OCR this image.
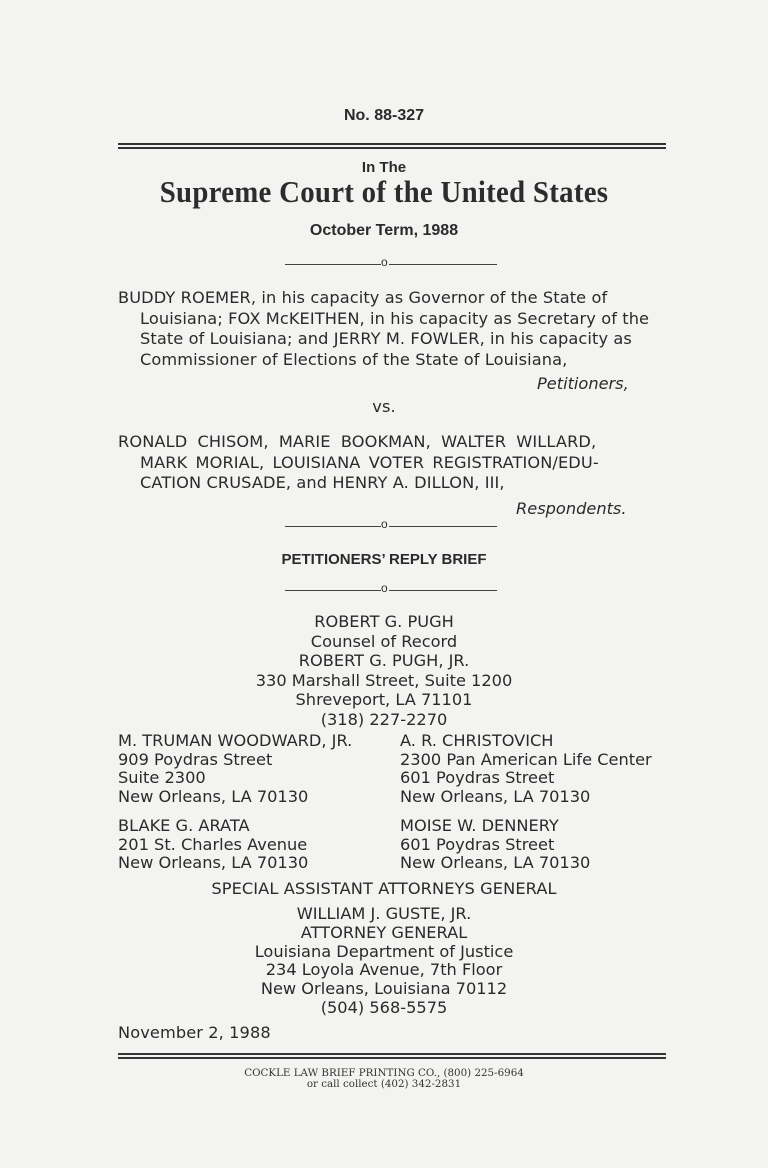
No. 88-327
In The
Supreme Court of the United States
October Term, 1988
o
BUDDY ROEMER, in his capacity as Governor of the State of
Louisiana; FOX McKEITHEN, in his capacity as Secretary of the
State of Louisiana; and JERRY M. FOWLER, in his capacity as
Commissioner of Elections of the State of Louisiana,
Petitioners,
vs.
RONALD CHISOM, MARIE BOOKMAN, WALTER WILLARD,
MARK MORIAL, LOUISIANA VOTER REGISTRATION/EDU-
CATION CRUSADE, and HENRY A. DILLON, III,
Respondents.
o
PETITIONERS’ REPLY BRIEF
o
ROBERT G. PUGH
Counsel of Record
ROBERT G. PUGH, JR.
330 Marshall Street, Suite 1200
Shreveport, LA 71101
(318) 227-2270
M. TRUMAN WOODWARD, JR.
909 Poydras Street
Suite 2300
New Orleans, LA 70130
A. R. CHRISTOVICH
2300 Pan American Life Center
601 Poydras Street
New Orleans, LA 70130
BLAKE G. ARATA
201 St. Charles Avenue
New Orleans, LA 70130
MOISE W. DENNERY
601 Poydras Street
New Orleans, LA 70130
SPECIAL ASSISTANT ATTORNEYS GENERAL
WILLIAM J. GUSTE, JR.
ATTORNEY GENERAL
Louisiana Department of Justice
234 Loyola Avenue, 7th Floor
New Orleans, Louisiana 70112
(504) 568-5575
November 2, 1988
COCKLE LAW BRIEF PRINTING CO., (800) 225-6964
or call collect (402) 342-2831
